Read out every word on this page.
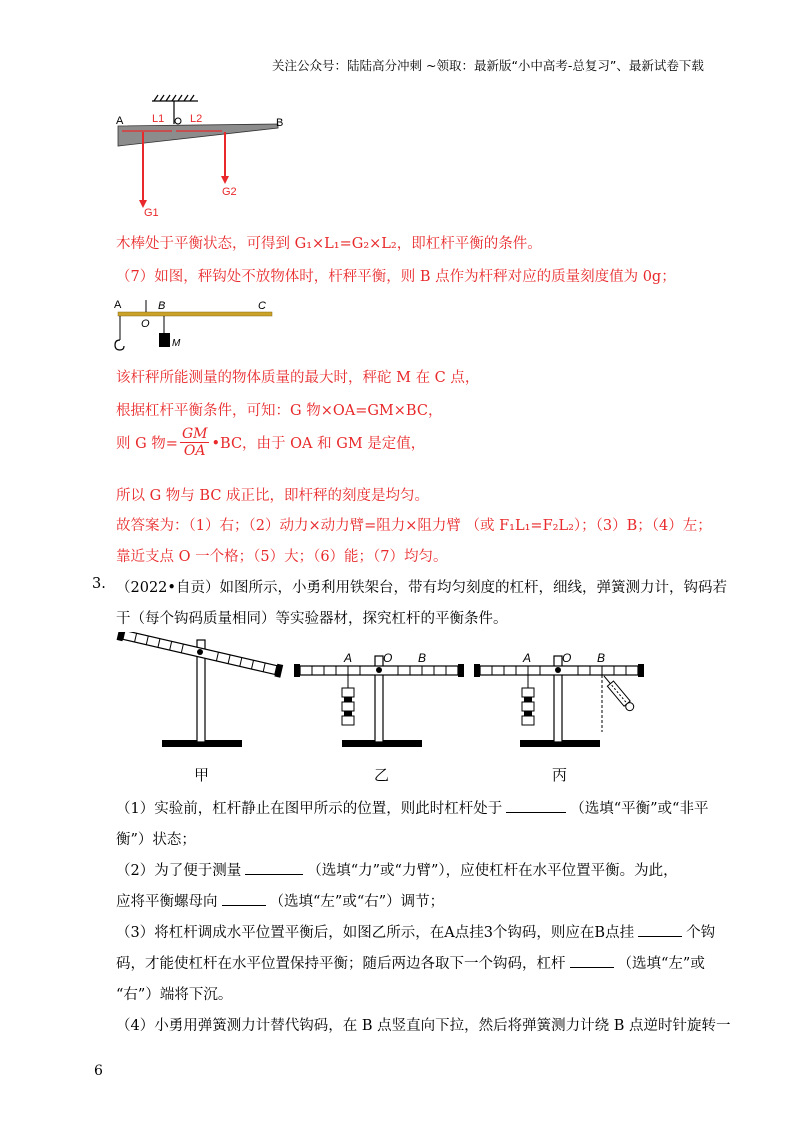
关注公众号：陆陆高分冲刺 ~领取：最新版“小中高考-总复习”、最新试卷下载
A	L1 L2	B
G1
G2
木棒处于平衡状态，可得到 G₁×L₁=G₂×L₂，即杠杆平衡的条件。
（7）如图，秤钩处不放物体时，杆秤平衡，则 B 点作为杆秤对应的质量刻度值为 0g；
A	B	C
O
M
该杆秤所能测量的物体质量的最大时，秤砣 M 在 C 点，
根据杠杆平衡条件，可知：G 物×OA=GM×BC，
则 G 物= $\frac{GM}{OA}$ •BC，由于 OA 和 GM 是定值，
所以 G 物与 BC 成正比，即杆秤的刻度是均匀。
故答案为：（1）右；（2）动力×动力臂=阻力×阻力臂 （或 F₁L₁=F₂L₂）；（3）B；（4）左；
靠近支点 O 一个格；（5）大；（6）能；（7）均匀。
3. （2022•自贡）如图所示，小勇利用铁架台，带有均匀刻度的杠杆，细线，弹簧测力计，钩码若
干（每个钩码质量相同）等实验器材，探究杠杆的平衡条件。
A	O B	A	O B
甲	乙	丙
（1）实验前，杠杆静止在图甲所示的位置，则此时杠杆处于	（选填“平衡”或“非平
衡”）状态；
（2）为了便于测量	（选填“力”或“力臂”），应使杠杆在水平位置平衡。为此，
应将平衡螺母向	（选填“左”或“右”）调节；
（3）将杠杆调成水平位置平衡后，如图乙所示，在A点挂3个钩码，则应在B点挂	个钩
码，才能使杠杆在水平位置保持平衡；随后两边各取下一个钩码，杠杆	（选填“左”或
“右”）端将下沉。
（4）小勇用弹簧测力计替代钩码，在 B 点竖直向下拉，然后将弹簧测力计绕 B 点逆时针旋转一
6
